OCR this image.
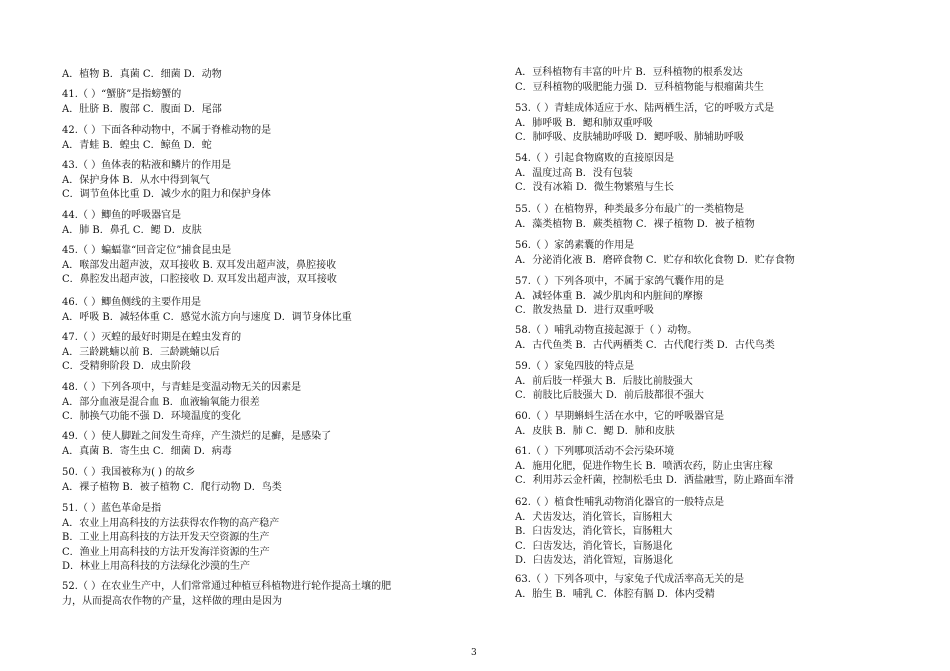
A．植物 B．真菌 C．细菌 D．动物
41.（ ）“蟹脐”是指螃蟹的
A．肚脐 B．腹部 C．腹面 D．尾部
42.（ ）下面各种动物中，不属于脊椎动物的是
A．青蛙 B．蝗虫 C．鲸鱼 D．蛇
43.（ ）鱼体表的粘液和鳞片的作用是
A．保护身体 B．从水中得到氧气
C．调节鱼体比重 D．减少水的阻力和保护身体
44.（ ）鲫鱼的呼吸器官是
A．肺 B．鼻孔 C．鳃 D．皮肤
45.（ ）蝙蝠靠“回音定位”捕食昆虫是
A．喉部发出超声波，双耳接收 B. 双耳发出超声波，鼻腔接收
C．鼻腔发出超声波，口腔接收 D. 双耳发出超声波，双耳接收
46.（ ）鲫鱼侧线的主要作用是
A．呼吸 B．减轻体重 C．感觉水流方向与速度 D．调节身体比重
47.（ ）灭蝗的最好时期是在蝗虫发育的
A．三龄跳蝻以前 B．三龄跳蝻以后
C．受精卵阶段 D．成虫阶段
48.（ ）下列各项中，与青蛙是变温动物无关的因素是
A．部分血液是混合血 B．血液输氧能力很差
C．肺换气功能不强 D．环境温度的变化
49.（ ）使人脚趾之间发生奇痒，产生溃烂的足癣，是感染了
A．真菌 B．寄生虫 C．细菌 D．病毒
50.（ ）我国被称为( ) 的故乡
A．裸子植物 B．被子植物 C．爬行动物 D．鸟类
51.（ ）蓝色革命是指
A．农业上用高科技的方法获得农作物的高产稳产
B．工业上用高科技的方法开发天空资源的生产
C．渔业上用高科技的方法开发海洋资源的生产
D．林业上用高科技的方法绿化沙漠的生产
52.（ ）在农业生产中，人们常常通过种植豆科植物进行轮作提高土壤的肥
力，从而提高农作物的产量，这样做的理由是因为
A．豆科植物有丰富的叶片 B．豆科植物的根系发达
C．豆科植物的吸肥能力强 D．豆科植物能与根瘤菌共生
53.（ ）青蛙成体适应于水、陆两栖生活，它的呼吸方式是
A．肺呼吸 B．鳃和肺双重呼吸
C．肺呼吸、皮肤辅助呼吸 D．鳃呼吸、肺辅助呼吸
54.（ ）引起食物腐败的直接原因是
A．温度过高 B．没有包装
C．没有冰箱 D．微生物繁殖与生长
55.（ ）在植物界，种类最多分布最广的一类植物是
A．藻类植物 B．蕨类植物 C．裸子植物 D．被子植物
56.（ ）家鸽素囊的作用是
A．分泌消化液 B．磨碎食物 C．贮存和软化食物 D．贮存食物
57.（ ）下列各项中，不属于家鸽气囊作用的是
A．减轻体重 B．减少肌肉和内脏间的摩擦
C．散发热量 D．进行双重呼吸
58.（ ）哺乳动物直接起源于（ ）动物。
A．古代鱼类 B．古代两栖类 C．古代爬行类 D．古代鸟类
59.（ ）家兔四肢的特点是
A．前后肢一样强大 B．后肢比前肢强大
C．前肢比后肢强大 D．前后肢都很不强大
60.（ ）早期蝌蚪生活在水中，它的呼吸器官是
A．皮肤 B．肺 C．鳃 D．肺和皮肤
61.（ ）下列哪项活动不会污染环境
A．施用化肥，促进作物生长 B．喷洒农药，防止虫害庄稼
C．利用苏云金杆菌，控制松毛虫 D．洒盐融雪，防止路面车滑
62.（ ）植食性哺乳动物消化器官的一般特点是
A．犬齿发达，消化管长，盲肠粗大
B．臼齿发达，消化管长，盲肠粗大
C．臼齿发达，消化管长，盲肠退化
D．臼齿发达，消化管短，盲肠退化
63.（ ）下列各项中，与家兔子代成活率高无关的是
A．胎生 B．哺乳 C．体腔有膈 D．体内受精
3
